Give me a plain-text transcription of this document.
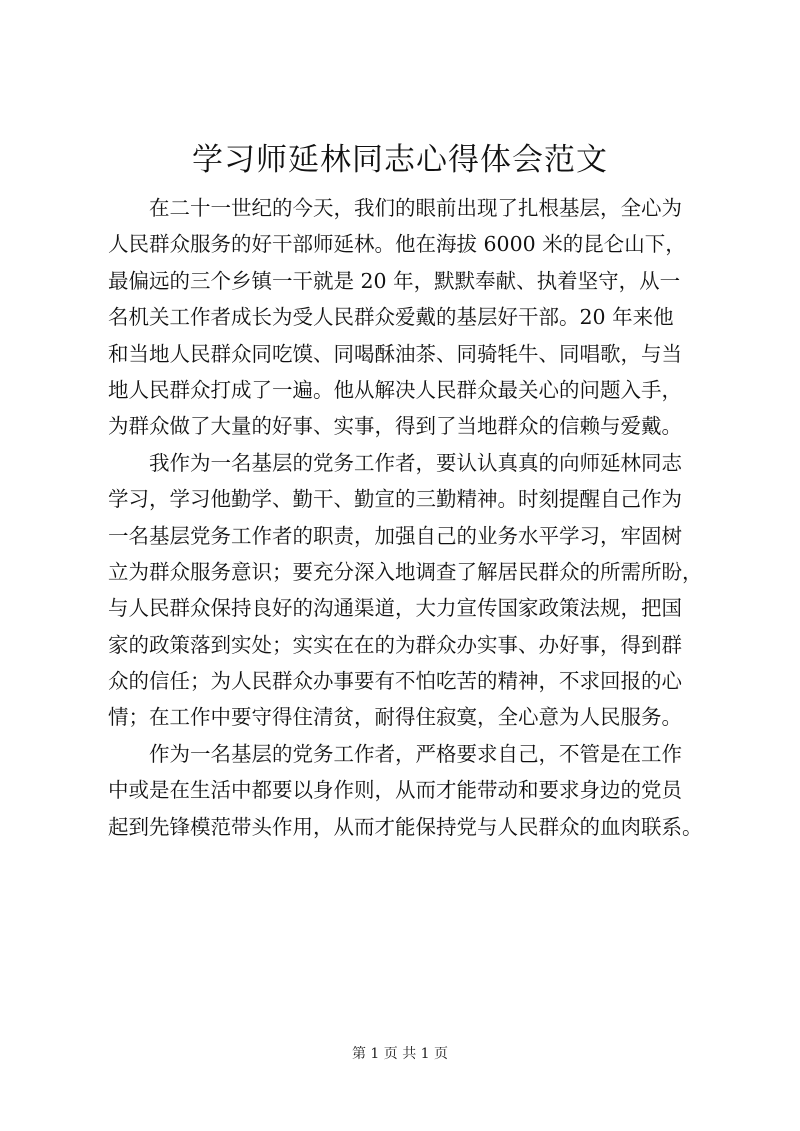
学习师延林同志心得体会范文
在二十一世纪的今天，我们的眼前出现了扎根基层，全心为
人民群众服务的好干部师延林。他在海拔 6000 米的昆仑山下，
最偏远的三个乡镇一干就是 20 年，默默奉献、执着坚守，从一
名机关工作者成长为受人民群众爱戴的基层好干部。20 年来他
和当地人民群众同吃馍、同喝酥油茶、同骑牦牛、同唱歌，与当
地人民群众打成了一遍。他从解决人民群众最关心的问题入手，
为群众做了大量的好事、实事，得到了当地群众的信赖与爱戴。
我作为一名基层的党务工作者，要认认真真的向师延林同志
学习，学习他勤学、勤干、勤宣的三勤精神。时刻提醒自己作为
一名基层党务工作者的职责，加强自己的业务水平学习，牢固树
立为群众服务意识；要充分深入地调查了解居民群众的所需所盼，
与人民群众保持良好的沟通渠道，大力宣传国家政策法规，把国
家的政策落到实处；实实在在的为群众办实事、办好事，得到群
众的信任；为人民群众办事要有不怕吃苦的精神，不求回报的心
情；在工作中要守得住清贫，耐得住寂寞，全心意为人民服务。
作为一名基层的党务工作者，严格要求自己，不管是在工作
中或是在生活中都要以身作则，从而才能带动和要求身边的党员
起到先锋模范带头作用，从而才能保持党与人民群众的血肉联系。
第 1 页 共 1 页
